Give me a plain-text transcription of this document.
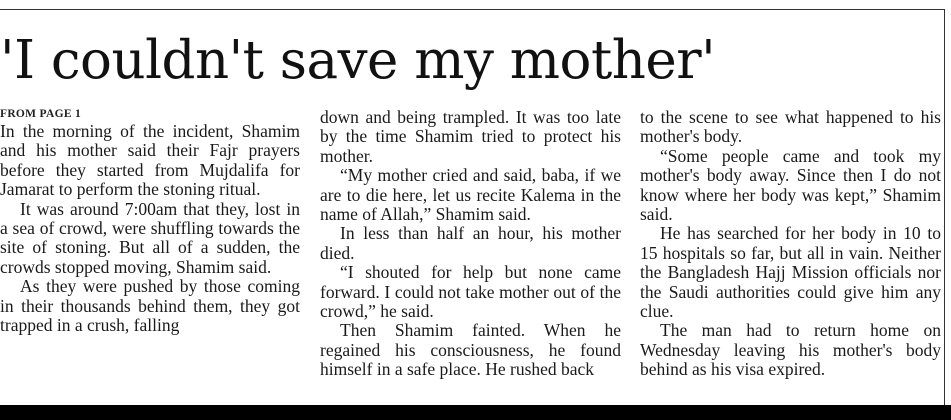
'I couldn't save my mother'
FROM PAGE 1

In the morning of the incident, Shamim and his mother said their Fajr prayers before they started from Mujdalifa for Jamarat to perform the stoning ritual.

It was around 7:00am that they, lost in a sea of crowd, were shuffling towards the site of stoning. But all of a sudden, the crowds stopped moving, Shamim said.

As they were pushed by those coming in their thousands behind them, they got trapped in a crush, falling

down and being trampled. It was too late by the time Shamim tried to protect his mother.

“My mother cried and said, baba, if we are to die here, let us recite Kalema in the name of Allah,” Shamim said.

In less than half an hour, his mother died.

“I shouted for help but none came forward. I could not take mother out of the crowd,” he said.

Then Shamim fainted. When he regained his consciousness, he found himself in a safe place. He rushed back

to the scene to see what happened to his mother's body.

“Some people came and took my mother's body away. Since then I do not know where her body was kept,” Shamim said.

He has searched for her body in 10 to 15 hospitals so far, but all in vain. Neither the Bangladesh Hajj Mission officials nor the Saudi authorities could give him any clue.

The man had to return home on Wednesday leaving his mother's body behind as his visa expired.
